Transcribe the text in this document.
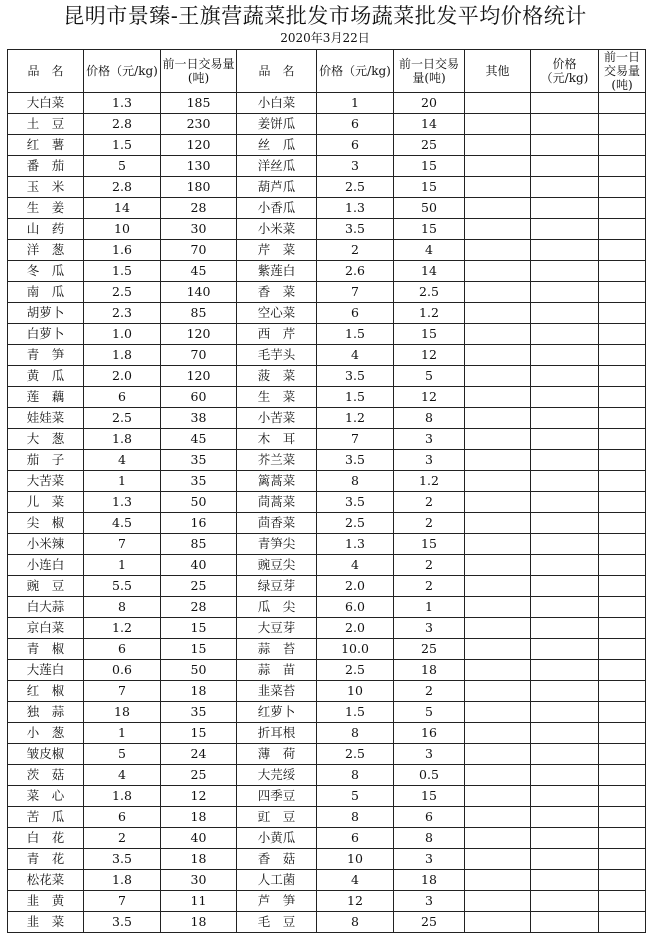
昆明市景臻-王旗营蔬菜批发市场蔬菜批发平均价格统计
2020年3月22日
品　名	价格（元/kg)	前一日交易量(吨)	品　名	价格（元/kg)	前一日交易量(吨)	其他	价格（元/kg)	前一日交易量(吨)
大白菜	1.3	185	小白菜	1	20			
土　豆	2.8	230	姜饼瓜	6	14			
红　薯	1.5	120	丝　瓜	6	25			
番　茄	5	130	洋丝瓜	3	15			
玉　米	2.8	180	葫芦瓜	2.5	15			
生　姜	14	28	小香瓜	1.3	50			
山　药	10	30	小米菜	3.5	15			
洋　葱	1.6	70	芹　菜	2	4			
冬　瓜	1.5	45	紫莲白	2.6	14			
南　瓜	2.5	140	香　菜	7	2.5			
胡萝卜	2.3	85	空心菜	6	1.2			
白萝卜	1.0	120	西　芹	1.5	15			
青　笋	1.8	70	毛芋头	4	12			
黄　瓜	2.0	120	菠　菜	3.5	5			
莲　藕	6	60	生　菜	1.5	12			
娃娃菜	2.5	38	小苦菜	1.2	8			
大　葱	1.8	45	木　耳	7	3			
茄　子	4	35	芥兰菜	3.5	3			
大苦菜	1	35	篱蒿菜	8	1.2			
儿　菜	1.3	50	茼蒿菜	3.5	2			
尖　椒	4.5	16	茴香菜	2.5	2			
小米辣	7	85	青笋尖	1.3	15			
小连白	1	40	豌豆尖	4	2			
豌　豆	5.5	25	绿豆芽	2.0	2			
白大蒜	8	28	瓜　尖	6.0	1			
京白菜	1.2	15	大豆芽	2.0	3			
青　椒	6	15	蒜　苔	10.0	25			
大莲白	0.6	50	蒜　苗	2.5	18			
红　椒	7	18	韭菜苔	10	2			
独　蒜	18	35	红萝卜	1.5	5			
小　葱	1	15	折耳根	8	16			
皱皮椒	5	24	薄　荷	2.5	3			
茨　菇	4	25	大芫绥	8	0.5			
菜　心	1.8	12	四季豆	5	15			
苦　瓜	6	18	豇　豆	8	6			
白　花	2	40	小黄瓜	6	8			
青　花	3.5	18	香　菇	10	3			
松花菜	1.8	30	人工菌	4	18			
韭　黄	7	11	芦　笋	12	3			
韭　菜	3.5	18	毛　豆	8	25			
